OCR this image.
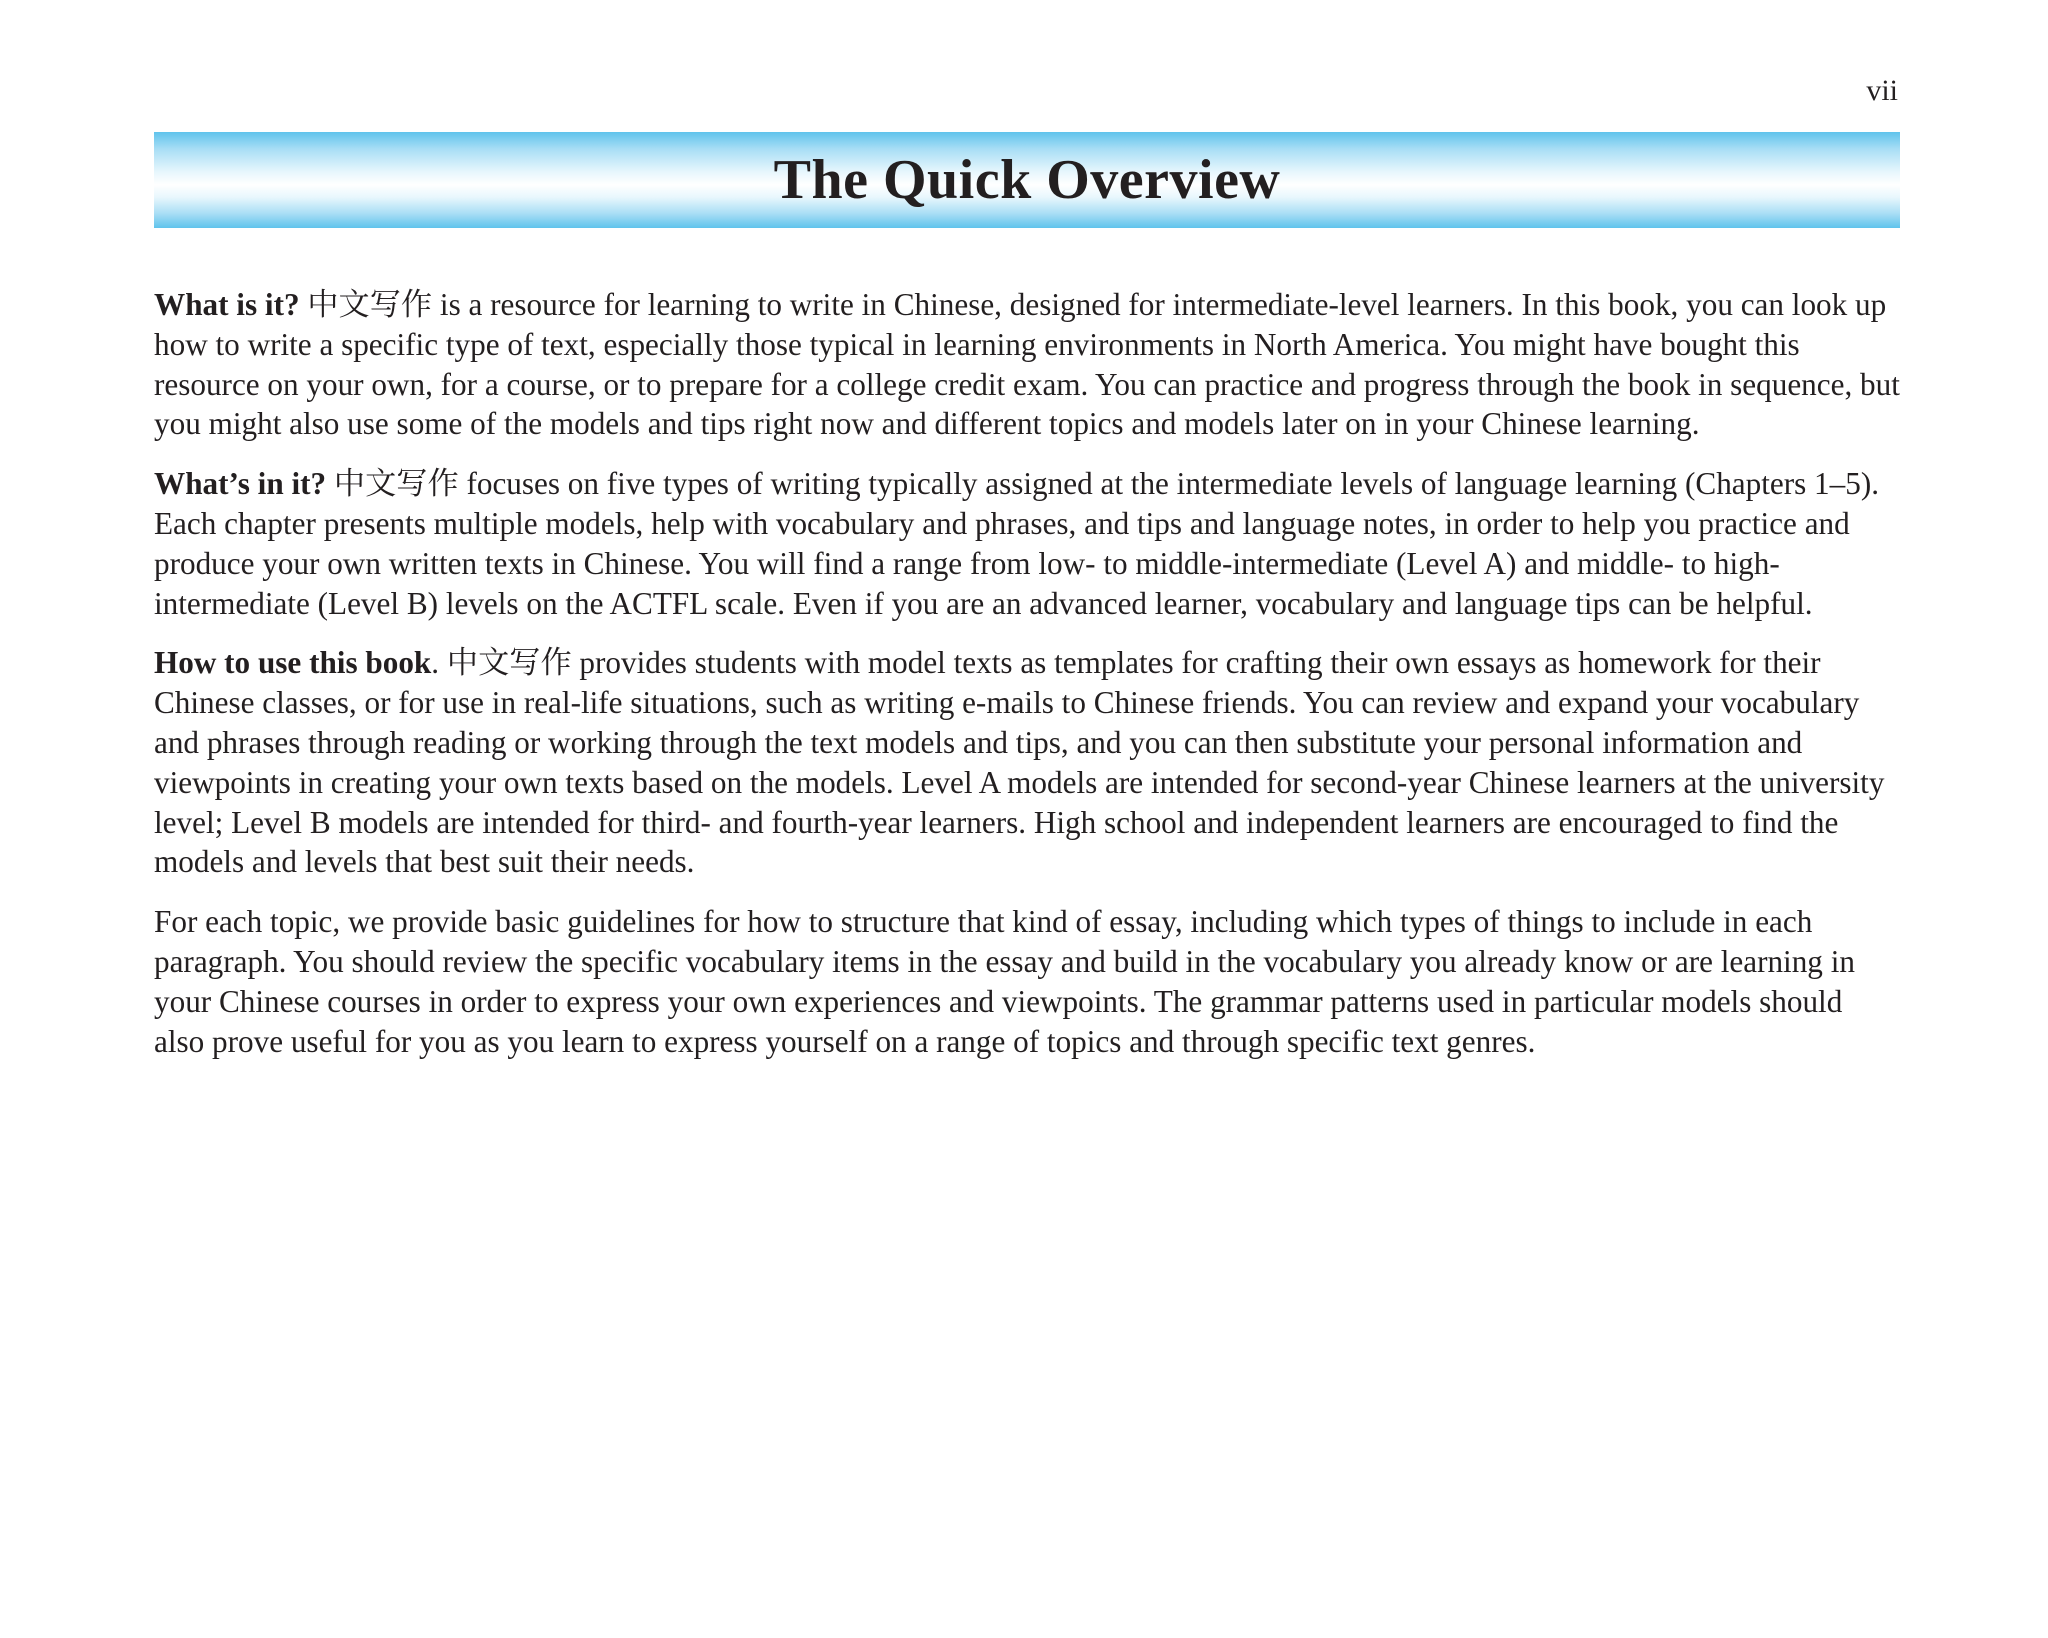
vii
The Quick Overview

What is it? 中文写作 is a resource for learning to write in Chinese, designed for intermediate-level learners. In this book, you can look up how to write a specific type of text, especially those typical in learning environments in North America. You might have bought this resource on your own, for a course, or to prepare for a college credit exam. You can practice and progress through the book in sequence, but you might also use some of the models and tips right now and different topics and models later on in your Chinese learning.

What’s in it? 中文写作 focuses on five types of writing typically assigned at the intermediate levels of language learning (Chapters 1–5). Each chapter presents multiple models, help with vocabulary and phrases, and tips and language notes, in order to help you practice and produce your own written texts in Chinese. You will find a range from low- to middle-intermediate (Level A) and middle- to high-intermediate (Level B) levels on the ACTFL scale. Even if you are an advanced learner, vocabulary and language tips can be helpful.

How to use this book. 中文写作 provides students with model texts as templates for crafting their own essays as homework for their Chinese classes, or for use in real-life situations, such as writing e-mails to Chinese friends. You can review and expand your vocabulary and phrases through reading or working through the text models and tips, and you can then substitute your personal information and viewpoints in creating your own texts based on the models. Level A models are intended for second-year Chinese learners at the university level; Level B models are intended for third- and fourth-year learners. High school and independent learners are encouraged to find the models and levels that best suit their needs.

For each topic, we provide basic guidelines for how to structure that kind of essay, including which types of things to include in each paragraph. You should review the specific vocabulary items in the essay and build in the vocabulary you already know or are learning in your Chinese courses in order to express your own experiences and viewpoints. The grammar patterns used in particular models should also prove useful for you as you learn to express yourself on a range of topics and through specific text genres.
